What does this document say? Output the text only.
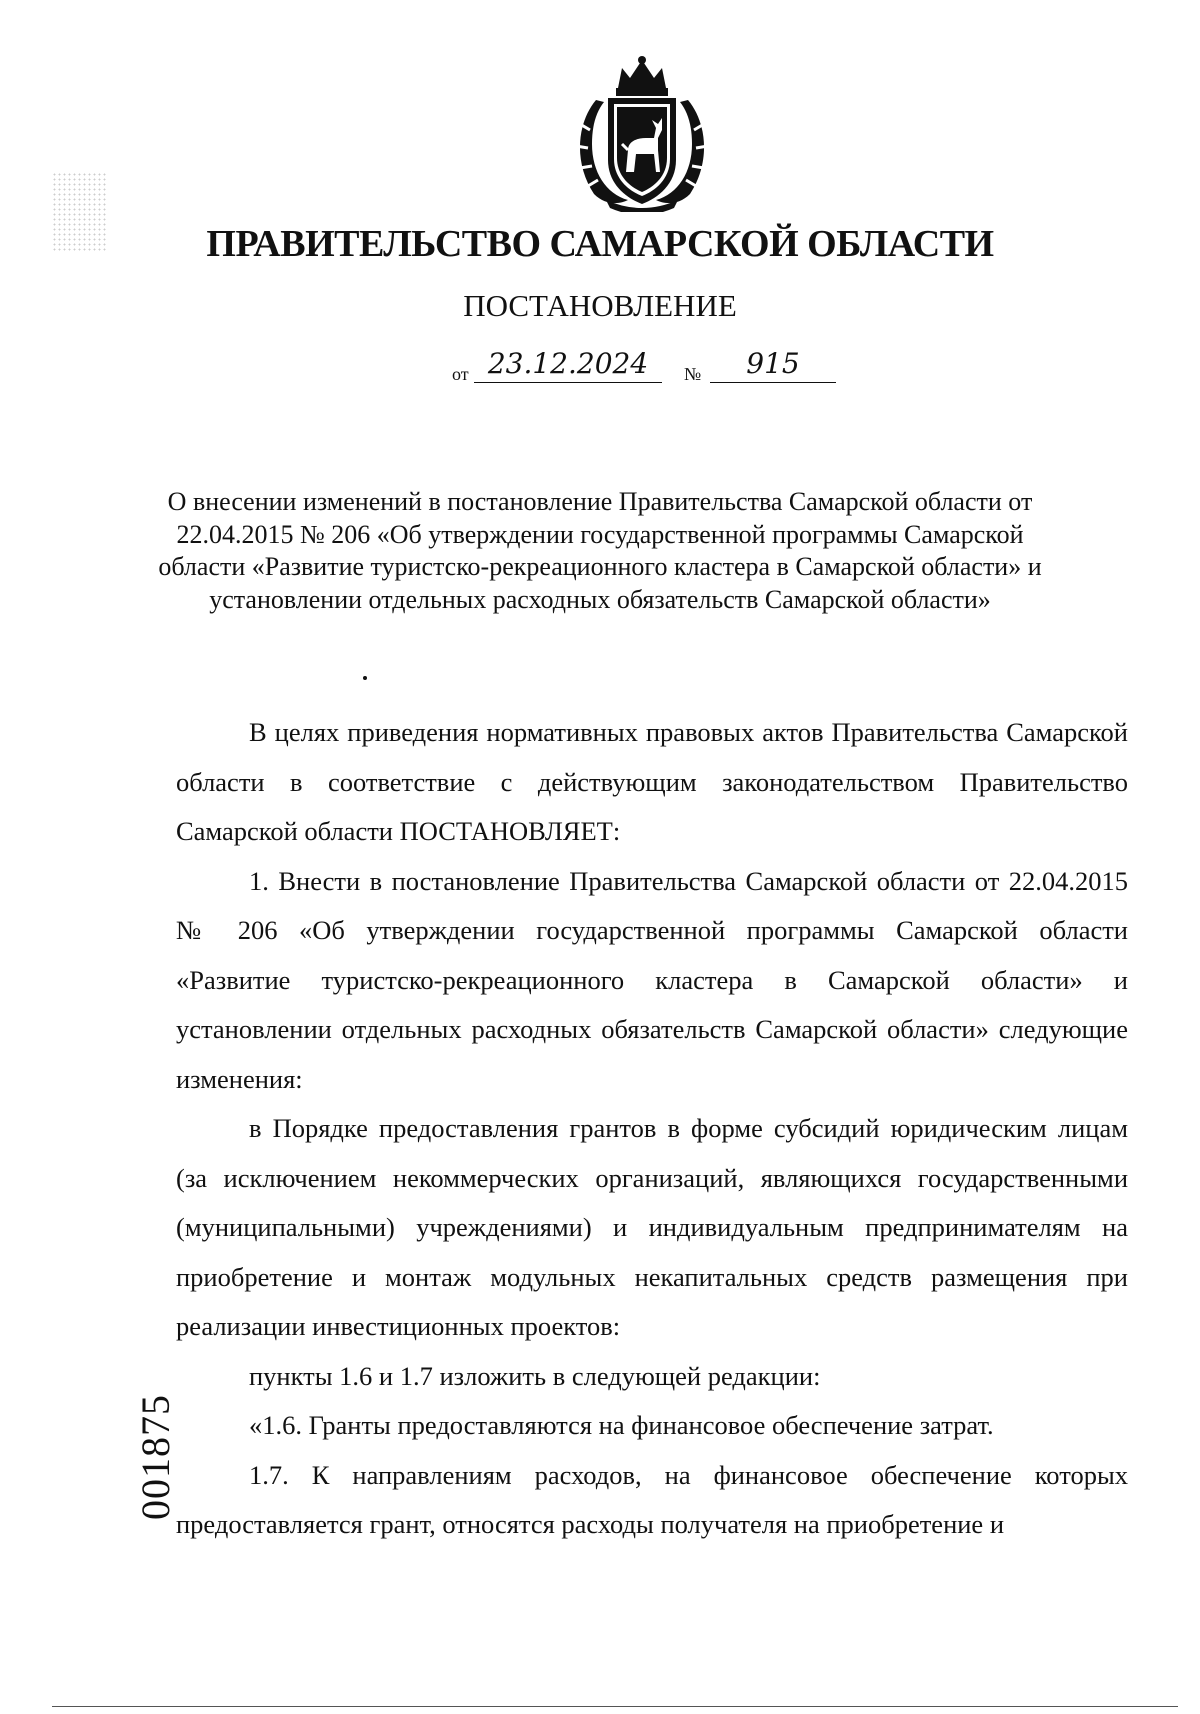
ПРАВИТЕЛЬСТВО САМАРСКОЙ ОБЛАСТИ
ПОСТАНОВЛЕНИЕ
от 23.12.2024	№	915
О внесении изменений в постановление Правительства Самарской области от 22.04.2015 № 206 «Об утверждении государственной программы Самарской области «Развитие туристско-рекреационного кластера в Самарской области» и установлении отдельных расходных обязательств Самарской области»

В целях приведения нормативных правовых актов Правительства Самарской области в соответствие с действующим законодательством Правительство Самарской области ПОСТАНОВЛЯЕТ:

1. Внести в постановление Правительства Самарской области от 22.04.2015 № 206 «Об утверждении государственной программы Самарской области «Развитие туристско-рекреационного кластера в Самарской области» и установлении отдельных расходных обязательств Самарской области» следующие изменения:

в Порядке предоставления грантов в форме субсидий юридическим лицам (за исключением некоммерческих организаций, являющихся государственными (муниципальными) учреждениями) и индивидуальным предпринимателям на приобретение и монтаж модульных некапитальных средств размещения при реализации инвестиционных проектов:

пункты 1.6 и 1.7 изложить в следующей редакции:

«1.6. Гранты предоставляются на финансовое обеспечение затрат.

1.7. К направлениям расходов, на финансовое обеспечение которых предоставляется грант, относятся расходы получателя на приобретение и

001875
